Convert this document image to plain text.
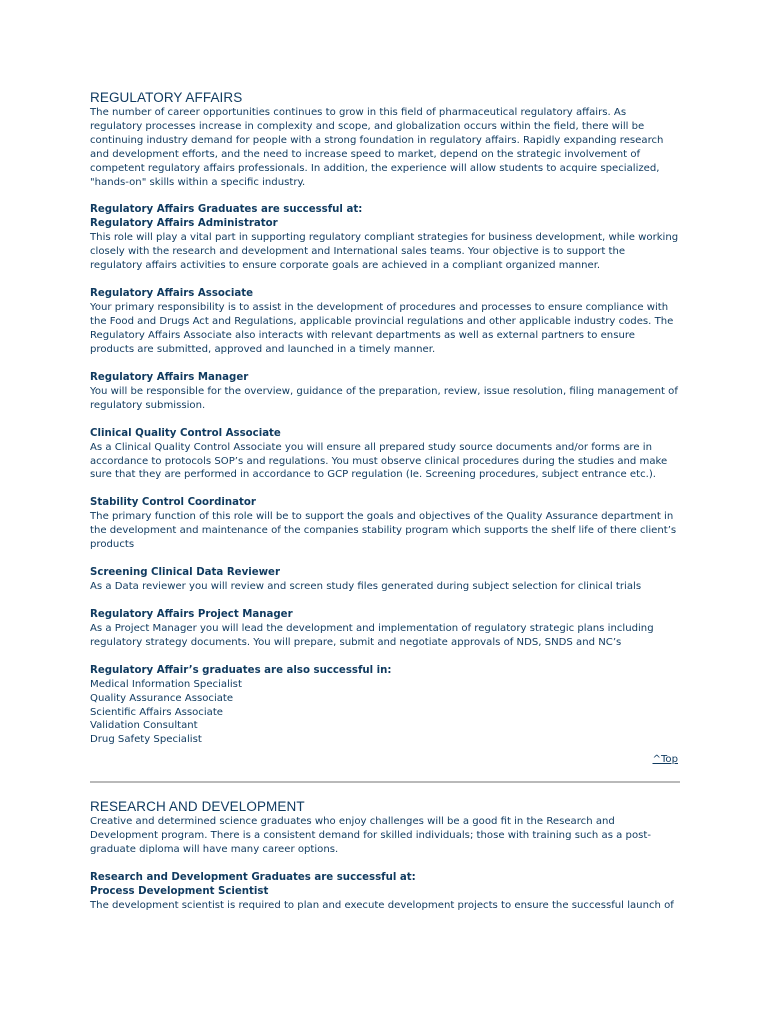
REGULATORY AFFAIRS

The number of career opportunities continues to grow in this field of pharmaceutical regulatory affairs. As regulatory processes increase in complexity and scope, and globalization occurs within the field, there will be continuing industry demand for people with a strong foundation in regulatory affairs. Rapidly expanding research and development efforts, and the need to increase speed to market, depend on the strategic involvement of competent regulatory affairs professionals. In addition, the experience will allow students to acquire specialized, "hands-on" skills within a specific industry.

Regulatory Affairs Graduates are successful at:

Regulatory Affairs Administrator

This role will play a vital part in supporting regulatory compliant strategies for business development, while working closely with the research and development and International sales teams. Your objective is to support the regulatory affairs activities to ensure corporate goals are achieved in a compliant organized manner.

Regulatory Affairs Associate

Your primary responsibility is to assist in the development of procedures and processes to ensure compliance with the Food and Drugs Act and Regulations, applicable provincial regulations and other applicable industry codes. The Regulatory Affairs Associate also interacts with relevant departments as well as external partners to ensure products are submitted, approved and launched in a timely manner.

Regulatory Affairs Manager

You will be responsible for the overview, guidance of the preparation, review, issue resolution, filing management of regulatory submission.

Clinical Quality Control Associate

As a Clinical Quality Control Associate you will ensure all prepared study source documents and/or forms are in accordance to protocols SOP’s and regulations. You must observe clinical procedures during the studies and make sure that they are performed in accordance to GCP regulation (Ie. Screening procedures, subject entrance etc.).

Stability Control Coordinator

The primary function of this role will be to support the goals and objectives of the Quality Assurance department in the development and maintenance of the companies stability program which supports the shelf life of there client’s products

Screening Clinical Data Reviewer

As a Data reviewer you will review and screen study files generated during subject selection for clinical trials

Regulatory Affairs Project Manager

As a Project Manager you will lead the development and implementation of regulatory strategic plans including regulatory strategy documents. You will prepare, submit and negotiate approvals of NDS, SNDS and NC’s

Regulatory Affair’s graduates are also successful in:

Medical Information Specialist
Quality Assurance Associate
Scientific Affairs Associate
Validation Consultant
Drug Safety Specialist
^Top
RESEARCH AND DEVELOPMENT

Creative and determined science graduates who enjoy challenges will be a good fit in the Research and Development program. There is a consistent demand for skilled individuals; those with training such as a post-graduate diploma will have many career options.

Research and Development Graduates are successful at:

Process Development Scientist

The development scientist is required to plan and execute development projects to ensure the successful launch of
